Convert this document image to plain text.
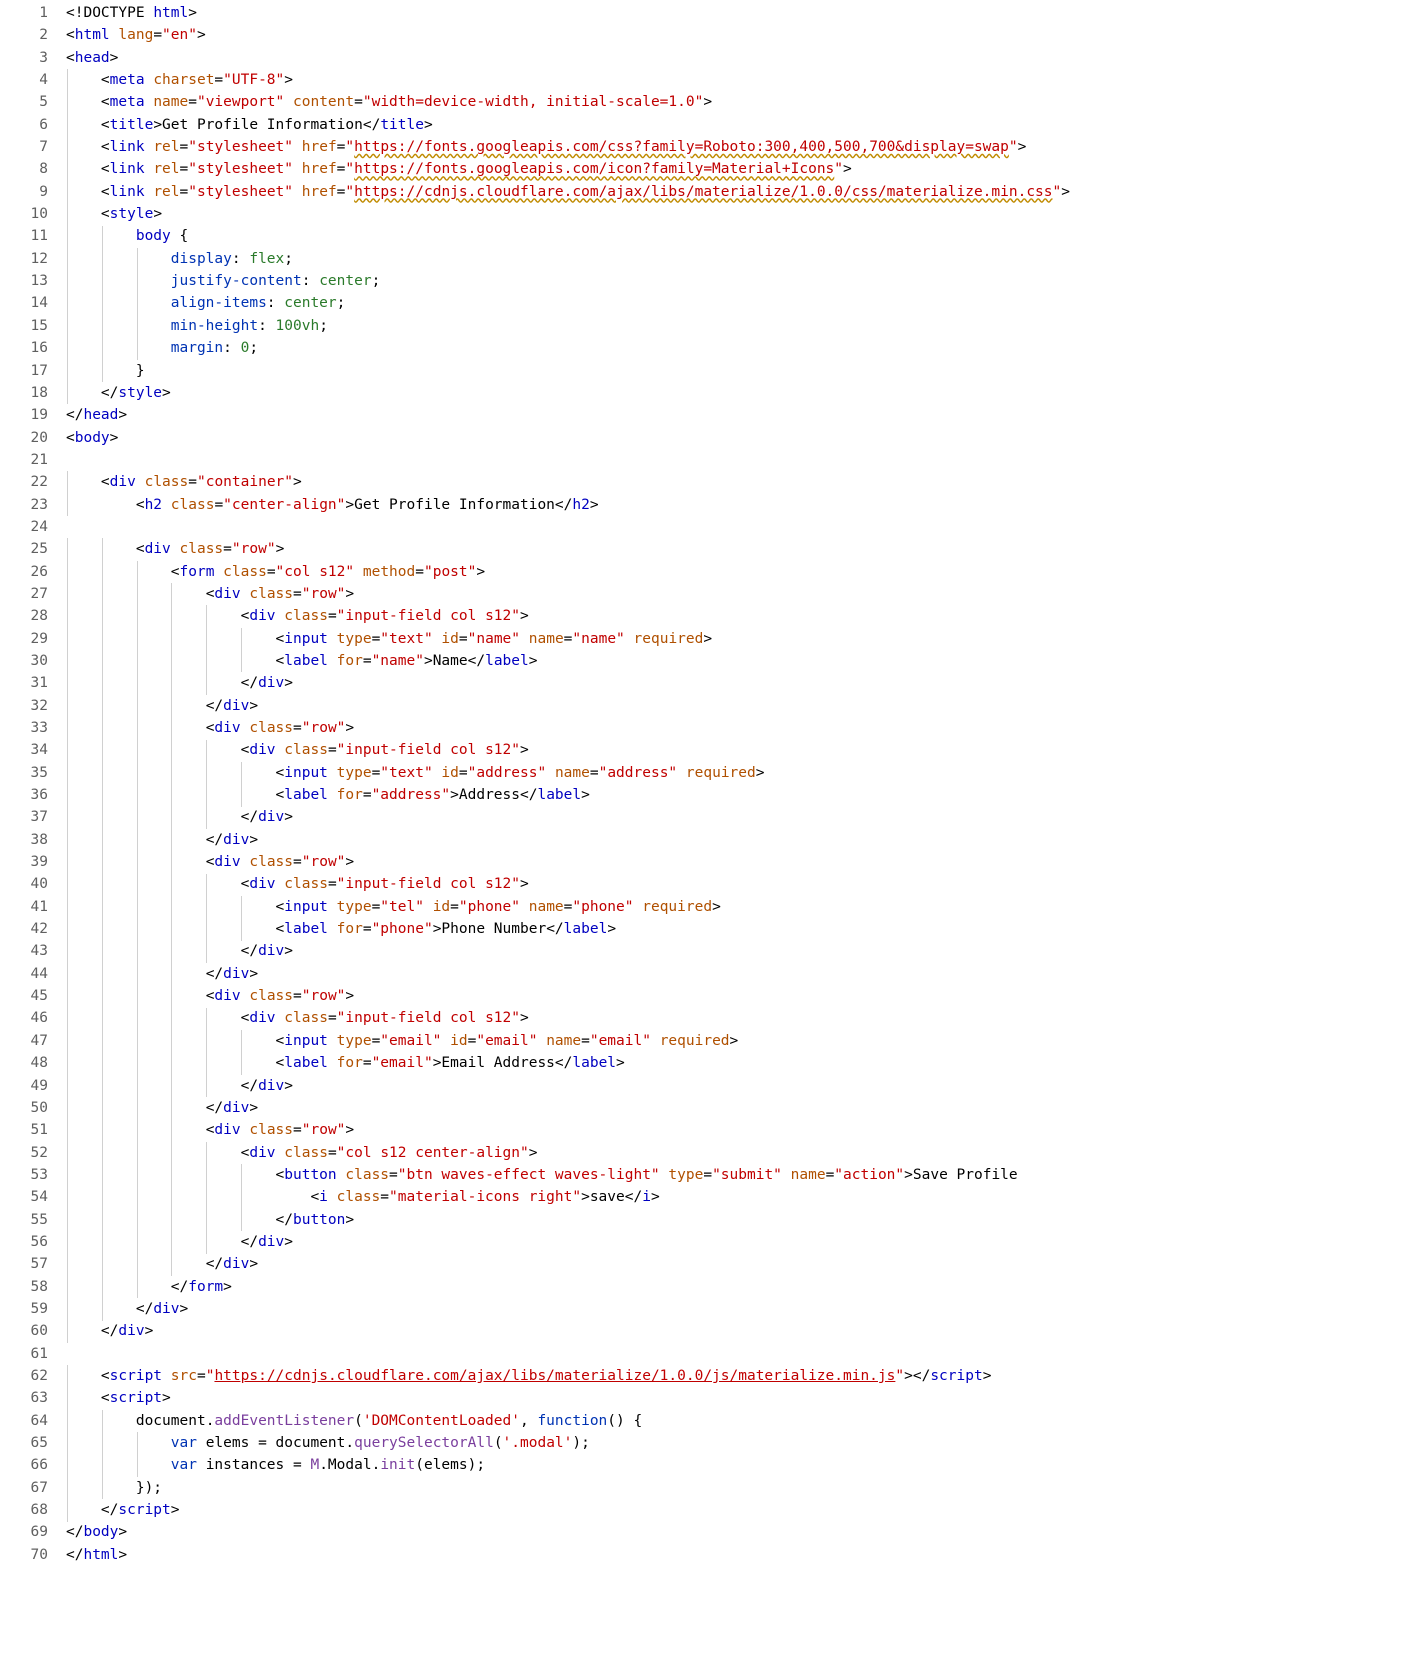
1	<!DOCTYPE html>
2	<html lang="en">
3	<head>
4	<meta charset="UTF-8">
5	<meta name="viewport" content="width=device-width, initial-scale=1.0">
6	<title>Get Profile Information</title>
7	<link rel="stylesheet" href="https://fonts.googleapis.com/css?family=Roboto:300,400,500,700&display=swap">
8	<link rel="stylesheet" href="https://fonts.googleapis.com/icon?family=Material+Icons">
9	<link rel="stylesheet" href="https://cdnjs.cloudflare.com/ajax/libs/materialize/1.0.0/css/materialize.min.css">
10	<style>
11	body {
12	display: flex;
13	justify-content: center;
14	align-items: center;
15	min-height: 100vh;
16	margin: 0;
17	}
18	</style>
19	</head>
20	<body>
21

22	<div class="container">
23	<h2 class="center-align">Get Profile Information</h2>
24

25	<div class="row">
26	<form class="col s12" method="post">
27	<div class="row">
28	<div class="input-field col s12">
29	<input type="text" id="name" name="name" required>
30	<label for="name">Name</label>
31	</div>
32	</div>
33	<div class="row">
34	<div class="input-field col s12">
35	<input type="text" id="address" name="address" required>
36	<label for="address">Address</label>
37	</div>
38	</div>
39	<div class="row">
40	<div class="input-field col s12">
41	<input type="tel" id="phone" name="phone" required>
42	<label for="phone">Phone Number</label>
43	</div>
44	</div>
45	<div class="row">
46	<div class="input-field col s12">
47	<input type="email" id="email" name="email" required>
48	<label for="email">Email Address</label>
49	</div>
50	</div>
51	<div class="row">
52	<div class="col s12 center-align">
53	<button class="btn waves-effect waves-light" type="submit" name="action">Save Profile
54	<i class="material-icons right">save</i>
55	</button>
56	</div>
57	</div>
58	</form>
59	</div>
60	</div>
61

62	<script src="https://cdnjs.cloudflare.com/ajax/libs/materialize/1.0.0/js/materialize.min.js"></script>
63	<script>
64	document.addEventListener('DOMContentLoaded', function() {
65	var elems = document.querySelectorAll('.modal');
66	var instances = M.Modal.init(elems);
67	});
68	</script>
69	</body>
70	</html>
